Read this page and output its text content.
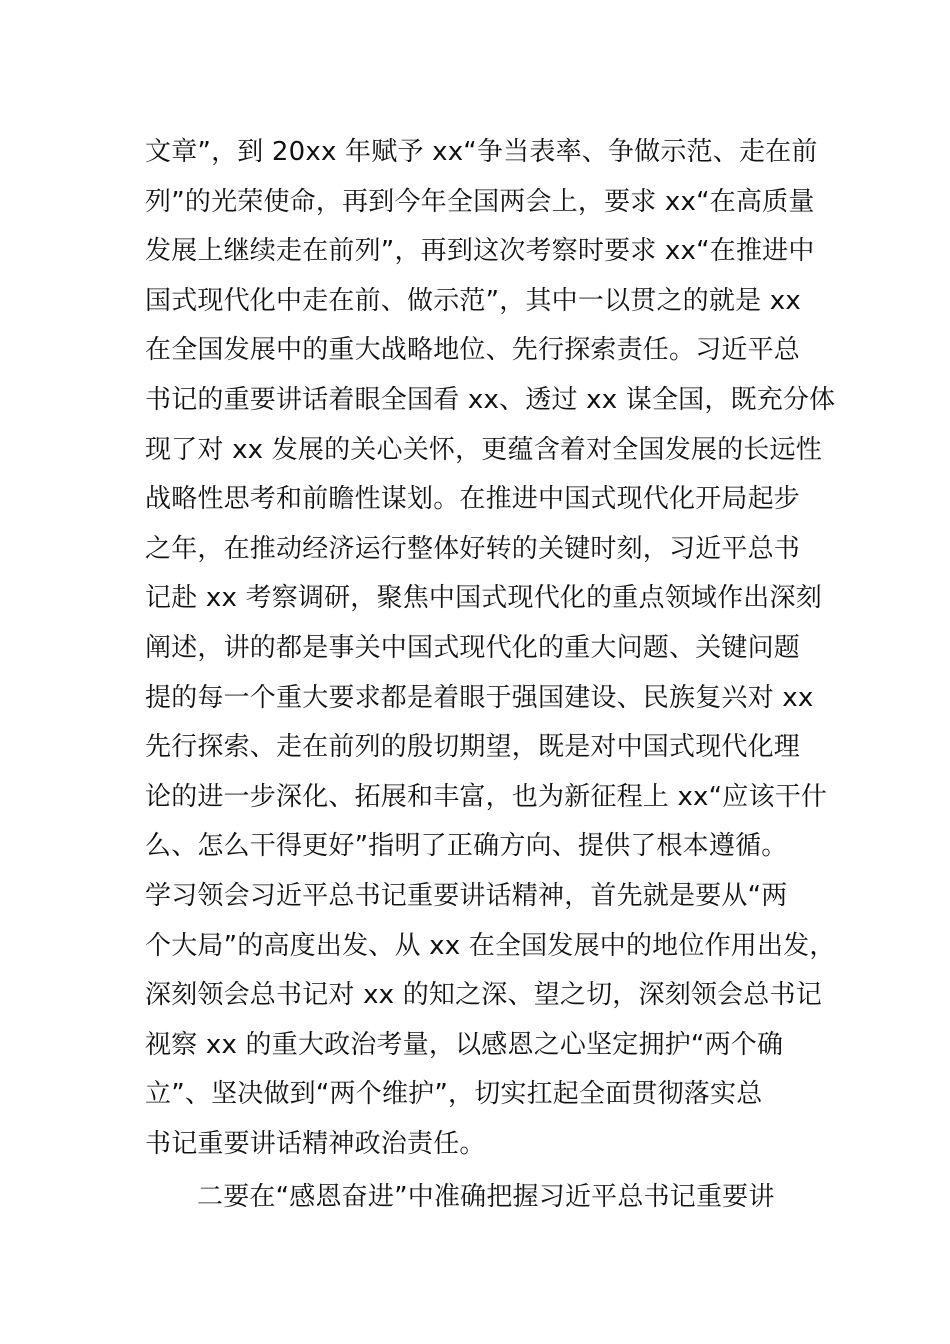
文章”，到 20xx 年赋予 xx“争当表率、争做示范、走在前
列”的光荣使命，再到今年全国两会上，要求 xx“在高质量
发展上继续走在前列”，再到这次考察时要求 xx“在推进中
国式现代化中走在前、做示范”，其中一以贯之的就是 xx
在全国发展中的重大战略地位、先行探索责任。习近平总
书记的重要讲话着眼全国看 xx、透过 xx 谋全国，既充分体
现了对 xx 发展的关心关怀，更蕴含着对全国发展的长远性
战略性思考和前瞻性谋划。在推进中国式现代化开局起步
之年，在推动经济运行整体好转的关键时刻，习近平总书
记赴 xx 考察调研，聚焦中国式现代化的重点领域作出深刻
阐述，讲的都是事关中国式现代化的重大问题、关键问题
提的每一个重大要求都是着眼于强国建设、民族复兴对 xx
先行探索、走在前列的殷切期望，既是对中国式现代化理
论的进一步深化、拓展和丰富，也为新征程上 xx“应该干什
么、怎么干得更好”指明了正确方向、提供了根本遵循。
学习领会习近平总书记重要讲话精神，首先就是要从“两
个大局”的高度出发、从 xx 在全国发展中的地位作用出发，
深刻领会总书记对 xx 的知之深、望之切，深刻领会总书记
视察 xx 的重大政治考量，以感恩之心坚定拥护“两个确
立”、坚决做到“两个维护”，切实扛起全面贯彻落实总
书记重要讲话精神政治责任。
二要在“感恩奋进”中准确把握习近平总书记重要讲
